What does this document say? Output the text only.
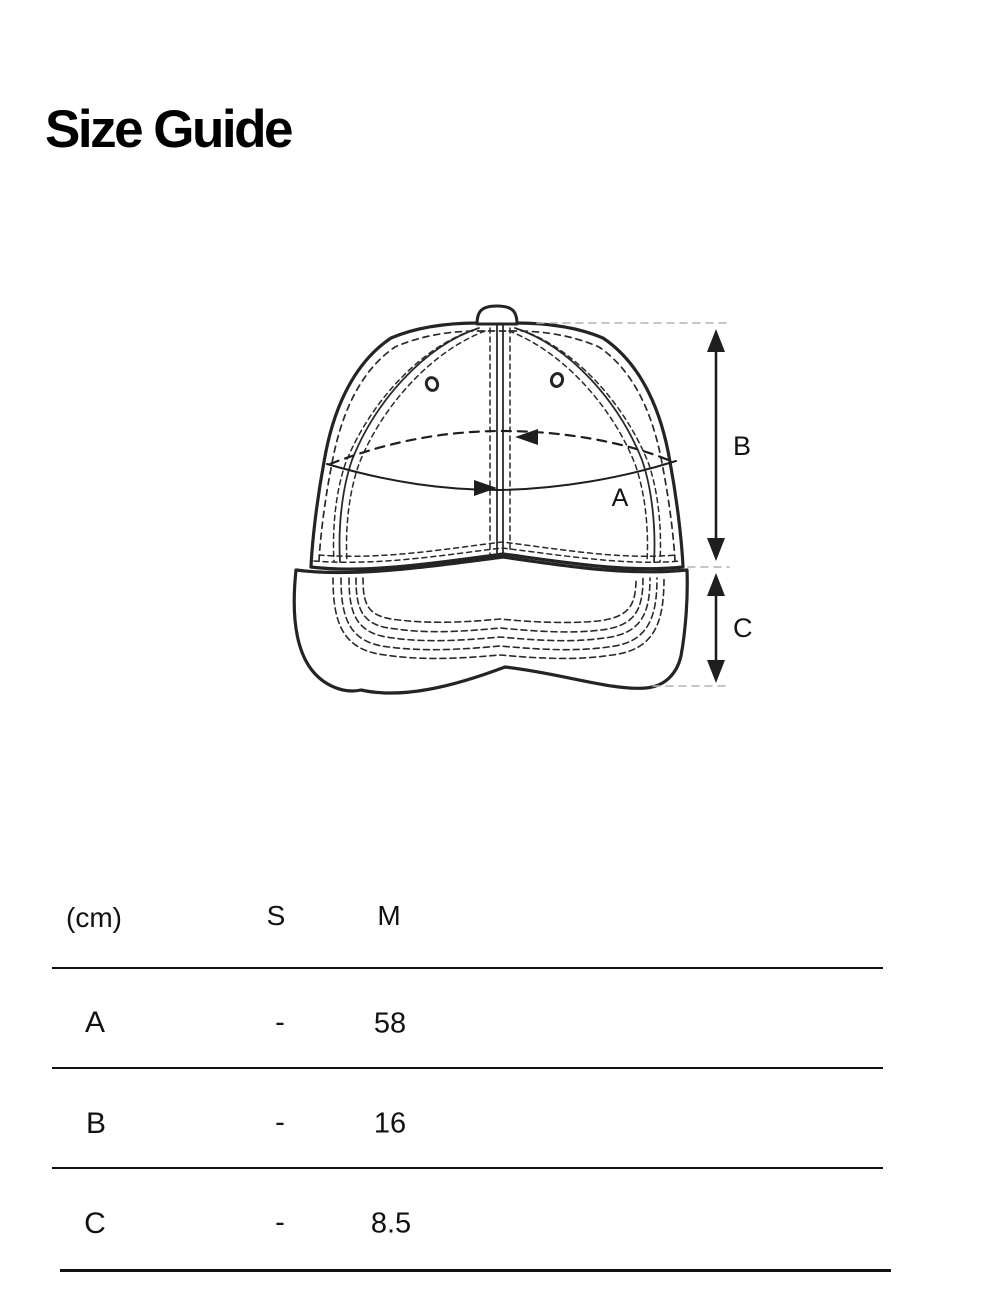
Size Guide
A
B
C
(cm)	S	M
A	-	58
B	-	16
C	-	8.5
